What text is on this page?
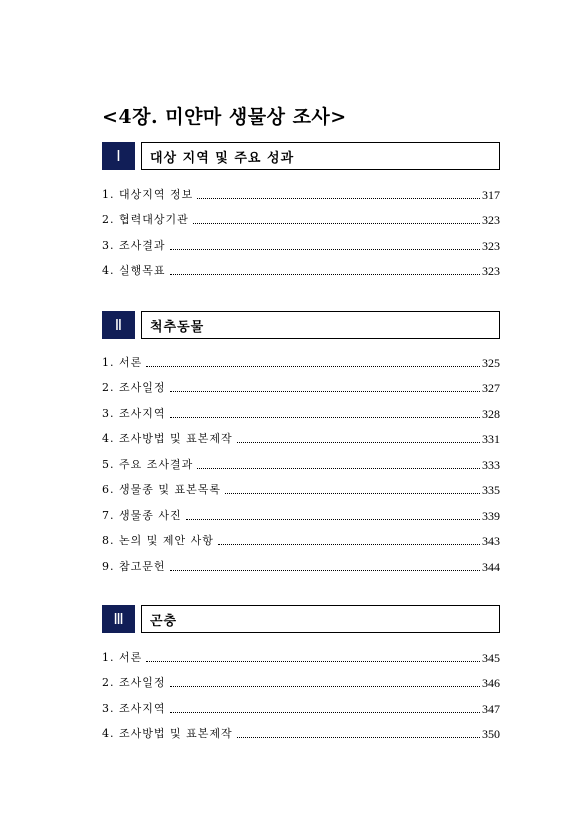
<4장. 미얀마 생물상 조사>
Ⅰ	대상 지역 및 주요 성과
1. 대상지역 정보	317
2. 협력대상기관	323
3. 조사결과	323
4. 실행목표	323
Ⅱ	척추동물
1. 서론	325
2. 조사일정	327
3. 조사지역	328
4. 조사방법 및 표본제작	331
5. 주요 조사결과	333
6. 생물종 및 표본목록	335
7. 생물종 사진	339
8. 논의 및 제안 사항	343
9. 참고문헌	344
Ⅲ	곤충
1. 서론	345
2. 조사일정	346
3. 조사지역	347
4. 조사방법 및 표본제작	350
